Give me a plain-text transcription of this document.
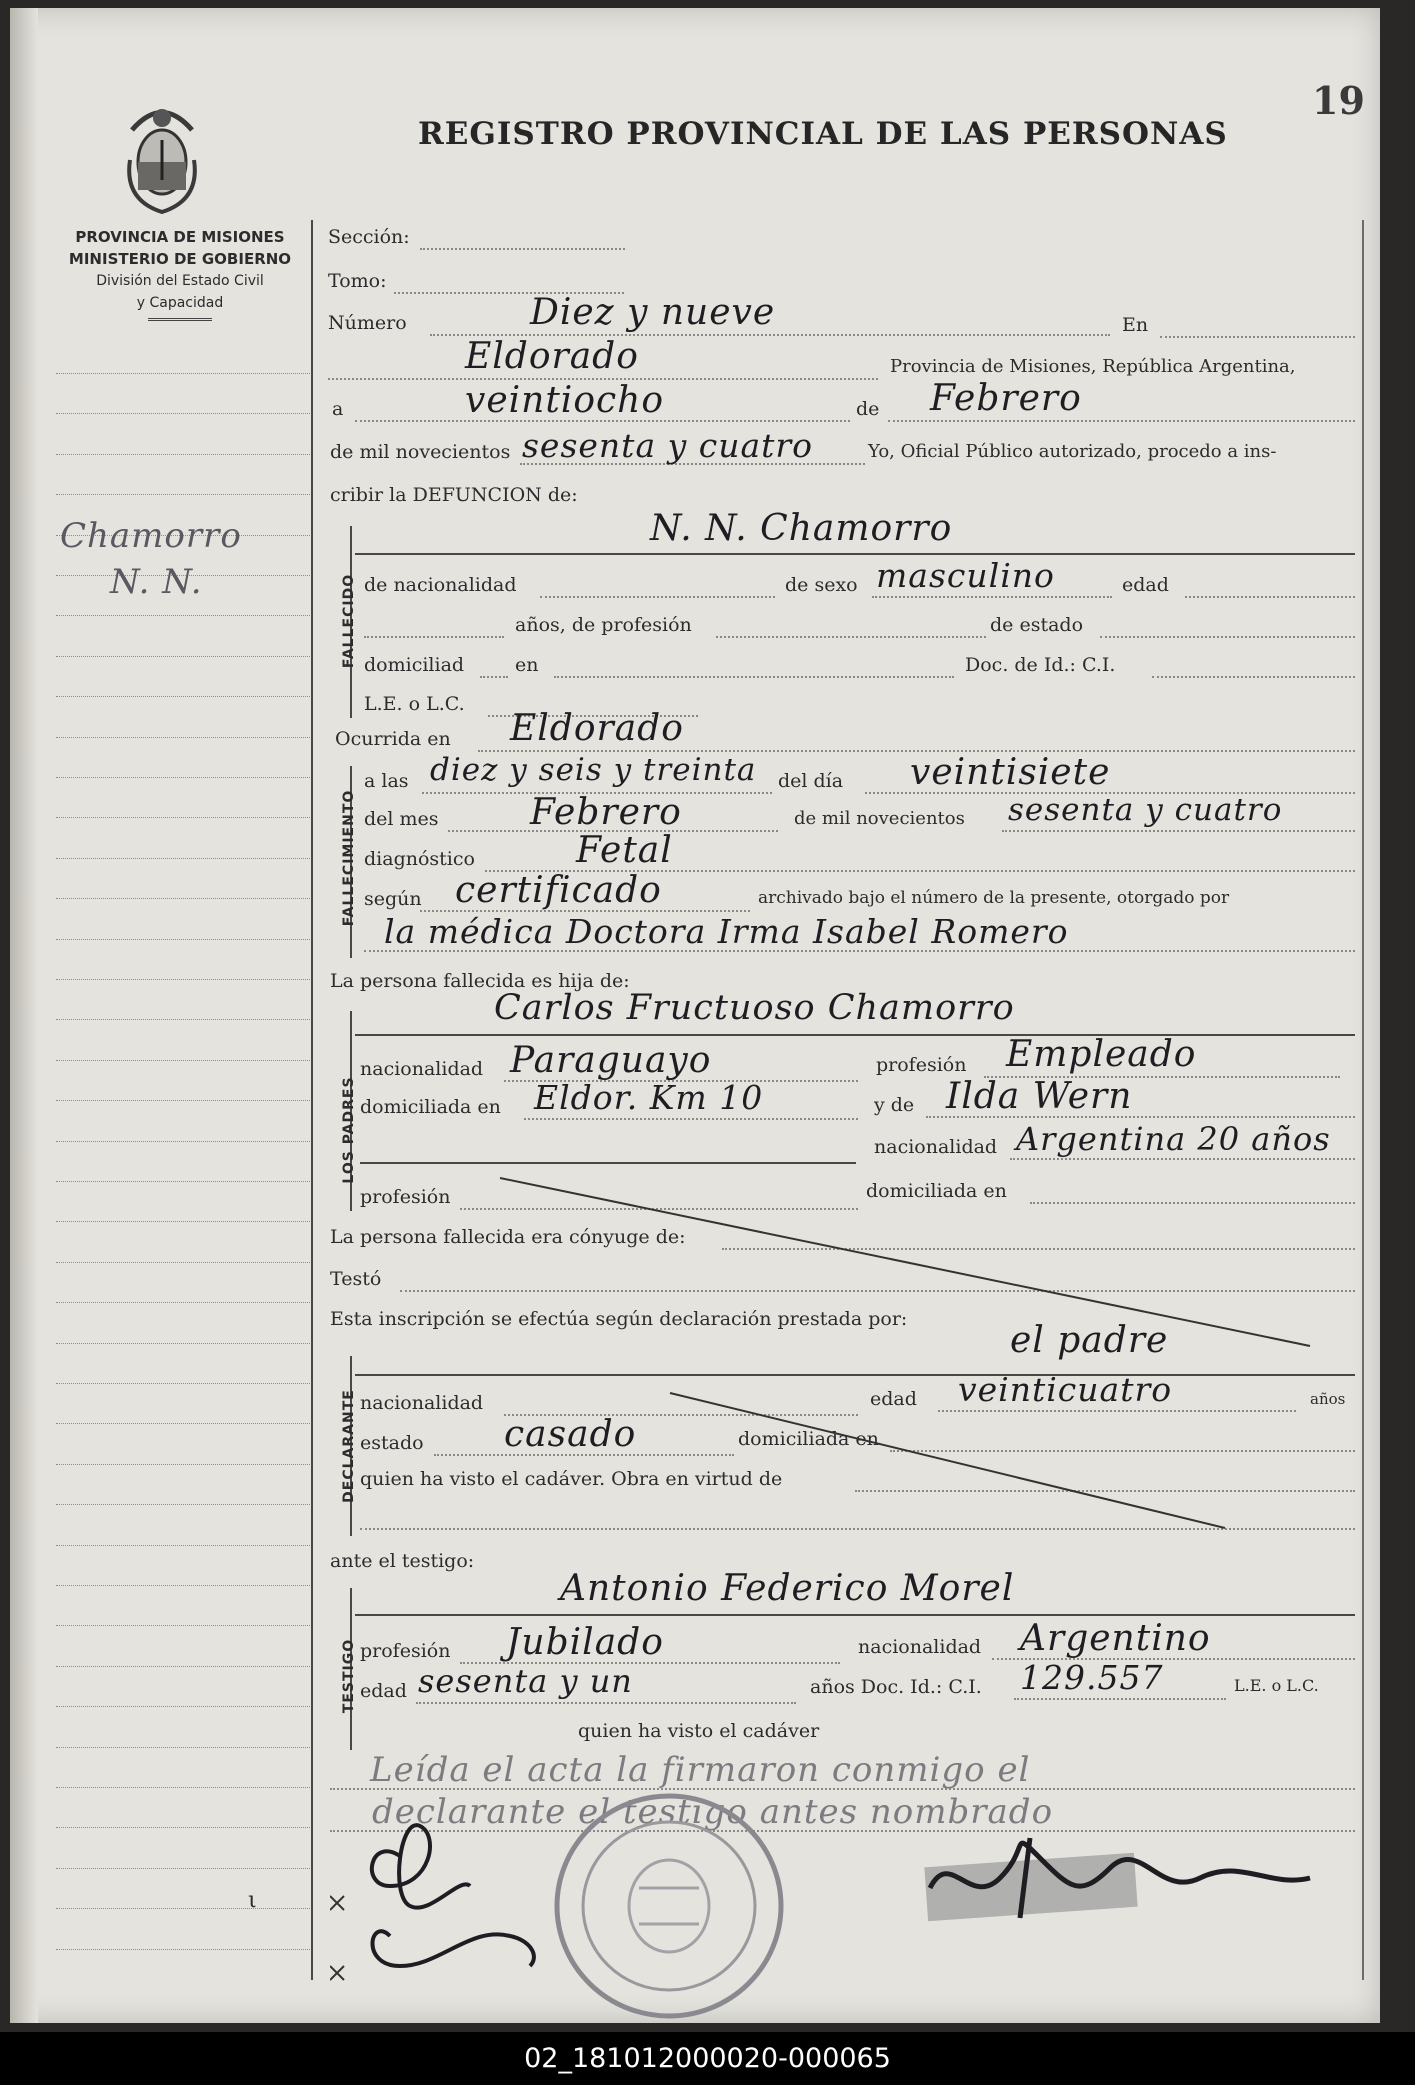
19
REGISTRO PROVINCIAL DE LAS PERSONAS
PROVINCIA DE MISIONES
MINISTERIO DE GOBIERNO
División del Estado Civil
y Capacidad
Chamorro
N. N.
Sección:
Tomo:
Número	Diez y nueve	En
Eldorado	Provincia de Misiones, República Argentina,
a	veintiocho	de Febrero
de mil novecientos sesenta y cuatro	Yo, Oficial Público autorizado, procedo a ins-
cribir la DEFUNCION de:
FALLECIDO
N. N. Chamorro
de nacionalidad	de sexo masculino	edad
años, de profesión	de estado
domiciliad	en	Doc. de Id.: C.I.
L.E. o L.C.
Ocurrida en Eldorado
FALLECIMIENTO
a las diez y seis y treinta del día veintisiete
del mes	Febrero	de mil novecientos sesenta y cuatro
diagnóstico	Fetal
según certificado	archivado bajo el número de la presente, otorgado por
la médica Doctora Irma Isabel Romero
La persona fallecida es hija de:
LOS PADRES
Carlos Fructuoso Chamorro
nacionalidad Paraguayo	profesión Empleado
domiciliada en Eldor. Km 10	y de Ilda Wern
nacionalidad Argentina 20 años
profesión	domiciliada en
La persona fallecida era cónyuge de:
Testó
Esta inscripción se efectúa según declaración prestada por:
el padre
DECLARANTE nacionalidad	edad veinticuatro	años
estado casado	domiciliada en
quien ha visto el cadáver. Obra en virtud de
ante el testigo:
TESTIGO
Antonio Federico Morel
profesión Jubilado	nacionalidad Argentino
edad sesenta y un	años Doc. Id.: C.I. 129.557	L.E. o L.C.
quien ha visto el cadáver
Leída el acta la firmaron conmigo el
declarante el testigo antes nombrado
ι
02_181012000020-000065
